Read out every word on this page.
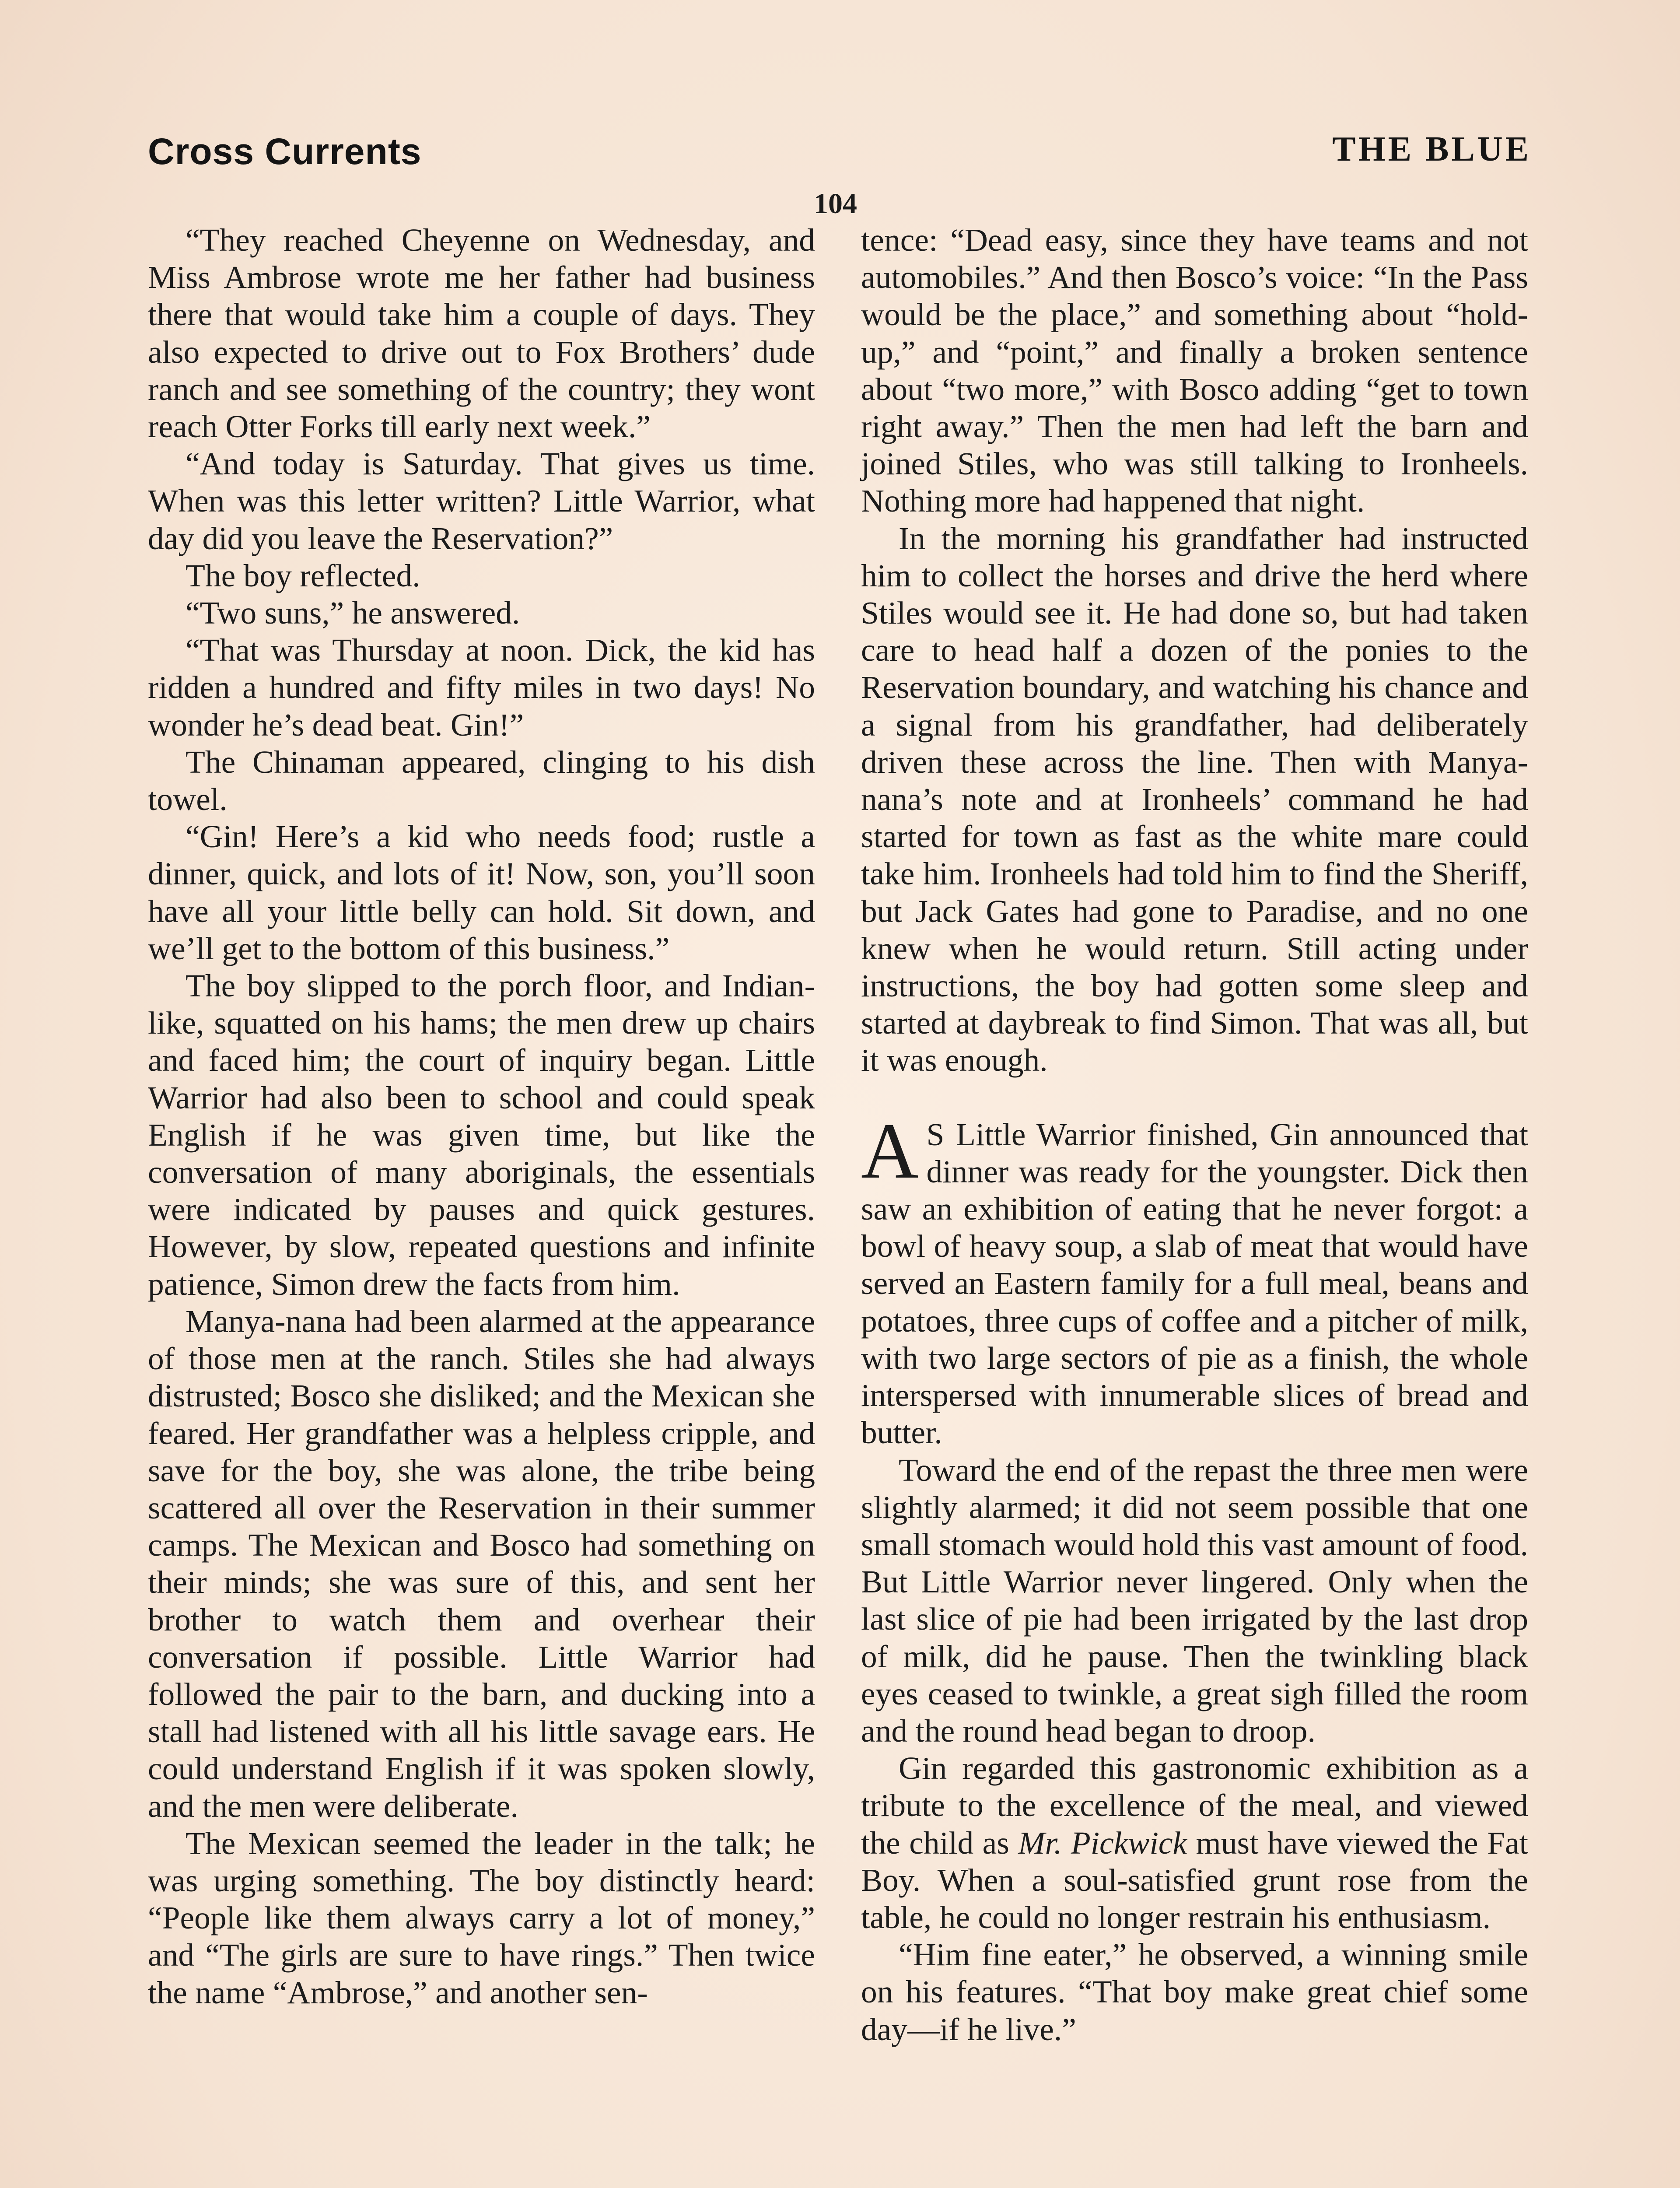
Cross Currents	THE BLUE
104

“They reached Cheyenne on Wednesday, and Miss Ambrose wrote me her father had business there that would take him a couple of days. They also expected to drive out to Fox Brothers’ dude ranch and see something of the country; they wont reach Otter Forks till early next week.”

“And today is Saturday. That gives us time. When was this letter written? Little Warrior, what day did you leave the Reservation?”

The boy reflected.

“Two suns,” he answered.

“That was Thursday at noon. Dick, the kid has ridden a hundred and fifty miles in two days! No wonder he’s dead beat. Gin!”

The Chinaman appeared, clinging to his dish towel.

“Gin! Here’s a kid who needs food; rustle a dinner, quick, and lots of it! Now, son, you’ll soon have all your little belly can hold. Sit down, and we’ll get to the bottom of this business.”

The boy slipped to the porch floor, and Indian-like, squatted on his hams; the men drew up chairs and faced him; the court of inquiry began. Little Warrior had also been to school and could speak English if he was given time, but like the conversation of many aboriginals, the essentials were indicated by pauses and quick gestures. However, by slow, repeated questions and infinite patience, Simon drew the facts from him.

Manya-nana had been alarmed at the appearance of those men at the ranch. Stiles she had always distrusted; Bosco she disliked; and the Mexican she feared. Her grandfather was a helpless cripple, and save for the boy, she was alone, the tribe being scattered all over the Reservation in their summer camps. The Mexican and Bosco had something on their minds; she was sure of this, and sent her brother to watch them and overhear their conversation if possible. Little Warrior had followed the pair to the barn, and ducking into a stall had listened with all his little savage ears. He could understand English if it was spoken slowly, and the men were deliberate.

The Mexican seemed the leader in the talk; he was urging something. The boy distinctly heard: “People like them always carry a lot of money,” and “The girls are sure to have rings.” Then twice the name “Ambrose,” and another sen-

tence: “Dead easy, since they have teams and not automobiles.” And then Bosco’s voice: “In the Pass would be the place,” and something about “hold-up,” and “point,” and finally a broken sentence about “two more,” with Bosco adding “get to town right away.” Then the men had left the barn and joined Stiles, who was still talking to Ironheels. Nothing more had happened that night.

In the morning his grandfather had instructed him to collect the horses and drive the herd where Stiles would see it. He had done so, but had taken care to head half a dozen of the ponies to the Reservation boundary, and watching his chance and a signal from his grandfather, had deliberately driven these across the line. Then with Manya-nana’s note and at Ironheels’ command he had started for town as fast as the white mare could take him. Ironheels had told him to find the Sheriff, but Jack Gates had gone to Paradise, and no one knew when he would return. Still acting under instructions, the boy had gotten some sleep and started at daybreak to find Simon. That was all, but it was enough.

A S Little Warrior finished, Gin announced that dinner was ready for the youngster. Dick then saw an exhibition of eating that he never forgot: a bowl of heavy soup, a slab of meat that would have served an Eastern family for a full meal, beans and potatoes, three cups of coffee and a pitcher of milk, with two large sectors of pie as a finish, the whole interspersed with innumerable slices of bread and butter.

Toward the end of the repast the three men were slightly alarmed; it did not seem possible that one small stomach would hold this vast amount of food. But Little Warrior never lingered. Only when the last slice of pie had been irrigated by the last drop of milk, did he pause. Then the twinkling black eyes ceased to twinkle, a great sigh filled the room and the round head began to droop.

Gin regarded this gastronomic exhibition as a tribute to the excellence of the meal, and viewed the child as Mr. Pickwick must have viewed the Fat Boy. When a soul-satisfied grunt rose from the table, he could no longer restrain his enthusiasm.

“Him fine eater,” he observed, a winning smile on his features. “That boy make great chief some day—if he live.”
